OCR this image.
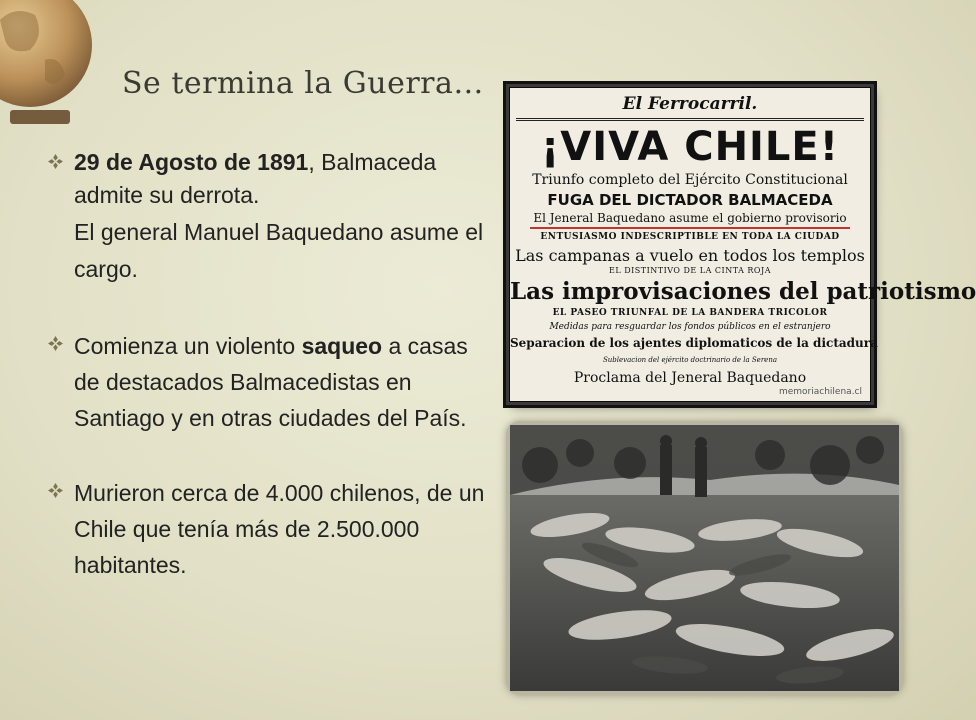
Se termina la Guerra…
29 de Agosto de 1891, Balmaceda admite su derrota.
El general Manuel Baquedano asume el cargo.
Comienza un violento saqueo a casas de destacados Balmacedistas en Santiago y en otras ciudades del País.
Murieron cerca de 4.000 chilenos, de un Chile que tenía más de 2.500.000 habitantes.
El Ferrocarril.
¡VIVA CHILE!
Triunfo completo del Ejército Constitucional
FUGA DEL DICTADOR BALMACEDA
El Jeneral Baquedano asume el gobierno provisorio
ENTUSIASMO INDESCRIPTIBLE EN TODA LA CIUDAD
Las campanas a vuelo en todos los templos
EL DISTINTIVO DE LA CINTA ROJA
Las improvisaciones del patriotismo
EL PASEO TRIUNFAL DE LA BANDERA TRICOLOR
Medidas para resguardar los fondos públicos en el estranjero
Separacion de los ajentes diplomaticos de la dictadura
Sublevacion del ejército doctrinario de la Serena
Proclama del Jeneral Baquedano
memoriachilena.cl
